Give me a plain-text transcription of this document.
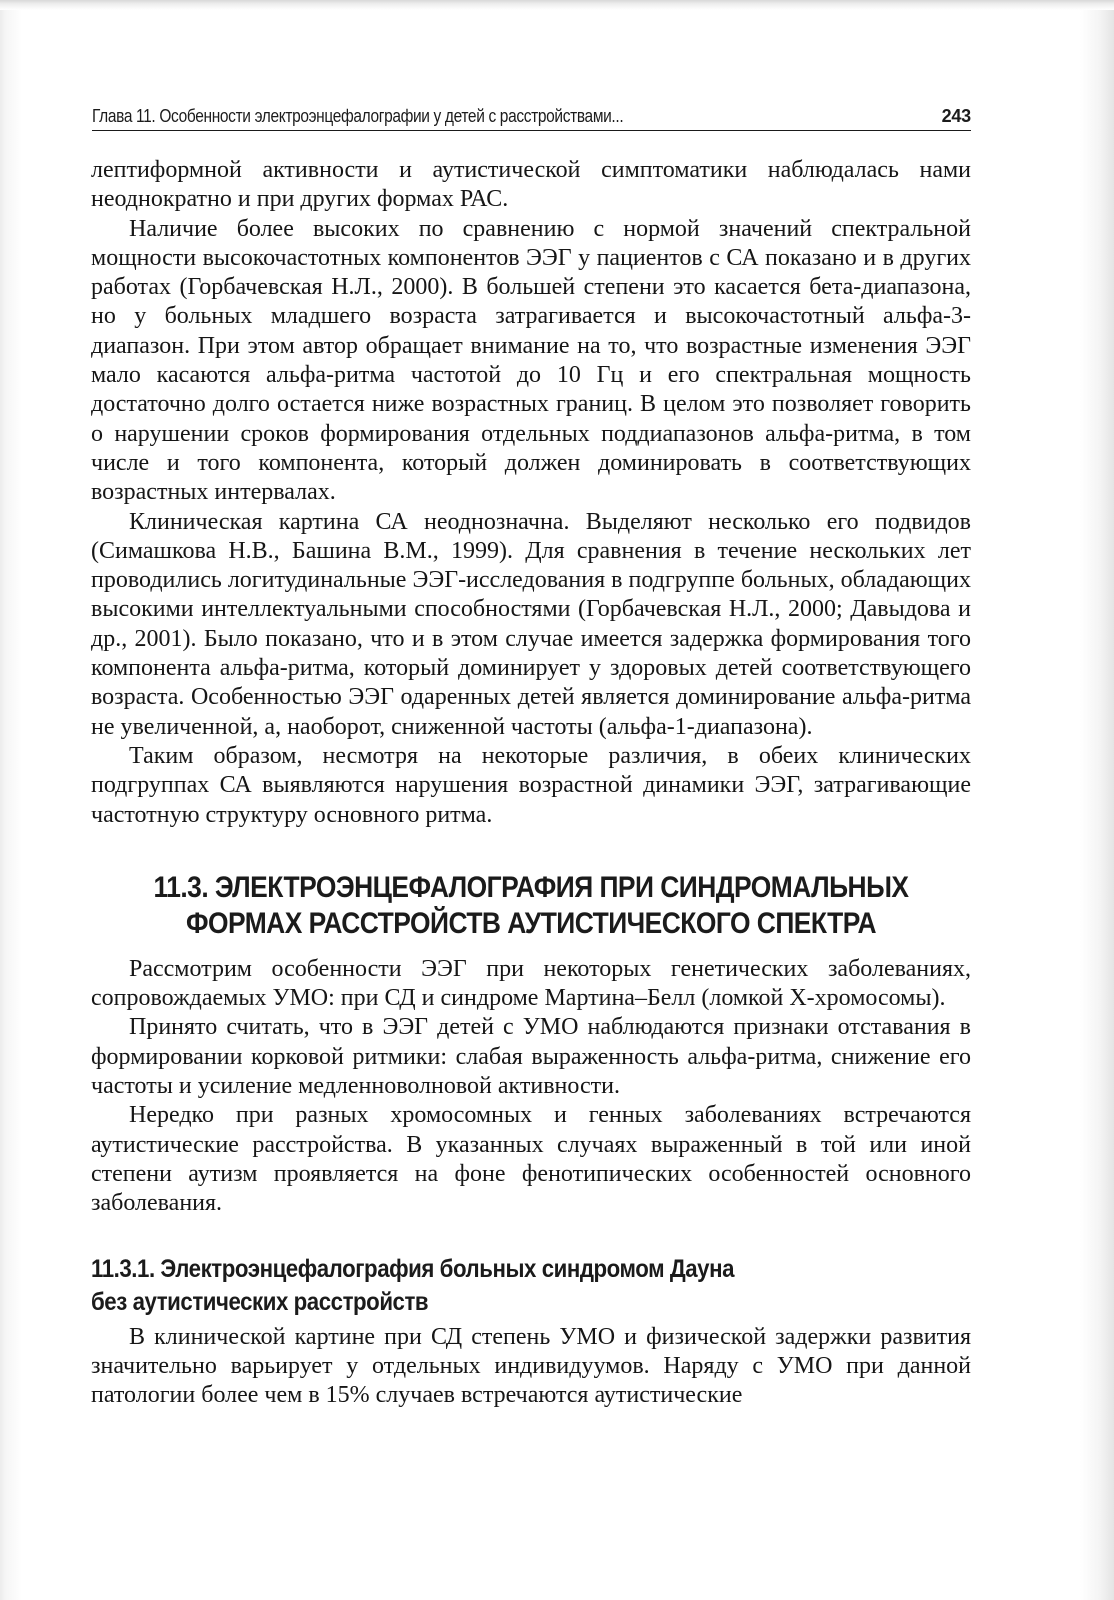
Глава 11. Особенности электроэнцефалографии у детей с расстройствами...	243

лептиформной активности и аутистической симптоматики наблюдалась нами неоднократно и при других формах РАС.

Наличие более высоких по сравнению с нормой значений спектральной мощности высокочастотных компонентов ЭЭГ у пациентов с СА показано и в других работах (Горбачевская Н.Л., 2000). В большей степени это касается бета-диапазона, но у больных младшего возраста затрагивается и высокочастотный альфа-3-диапазон. При этом автор обращает внимание на то, что возрастные изменения ЭЭГ мало касаются альфа-ритма частотой до 10 Гц и его спектральная мощность достаточно долго остается ниже возрастных границ. В целом это позволяет говорить о нарушении сроков формирования отдельных поддиапазонов альфа-ритма, в том числе и того компонента, который должен доминировать в соответствующих возрастных интервалах.

Клиническая картина СА неоднозначна. Выделяют несколько его подвидов (Симашкова Н.В., Башина В.М., 1999). Для сравнения в течение нескольких лет проводились логитудинальные ЭЭГ-исследования в подгруппе больных, обладающих высокими интеллектуальными способностями (Горбачевская Н.Л., 2000; Давыдова и др., 2001). Было показано, что и в этом случае имеется задержка формирования того компонента альфа-ритма, который доминирует у здоровых детей соответствующего возраста. Особенностью ЭЭГ одаренных детей является доминирование альфа-ритма не увеличенной, а, наоборот, сниженной частоты (альфа-1-диапазона).

Таким образом, несмотря на некоторые различия, в обеих клинических подгруппах СА выявляются нарушения возрастной динамики ЭЭГ, затрагивающие частотную структуру основного ритма.

11.3. ЭЛЕКТРОЭНЦЕФАЛОГРАФИЯ ПРИ СИНДРОМАЛЬНЫХ
ФОРМАХ РАССТРОЙСТВ АУТИСТИЧЕСКОГО СПЕКТРА

Рассмотрим особенности ЭЭГ при некоторых генетических заболеваниях, сопровождаемых УМО: при СД и синдроме Мартина–Белл (ломкой Х-хромосомы).

Принято считать, что в ЭЭГ детей с УМО наблюдаются признаки отставания в формировании корковой ритмики: слабая выраженность альфа-ритма, снижение его частоты и усиление медленноволновой активности.

Нередко при разных хромосомных и генных заболеваниях встречаются аутистические расстройства. В указанных случаях выраженный в той или иной степени аутизм проявляется на фоне фенотипических особенностей основного заболевания.

11.3.1. Электроэнцефалография больных синдромом Дауна
без аутистических расстройств

В клинической картине при СД степень УМО и физической задержки развития значительно варьирует у отдельных индивидуумов. Наряду с УМО при данной патологии более чем в 15% случаев встречаются аутистические
